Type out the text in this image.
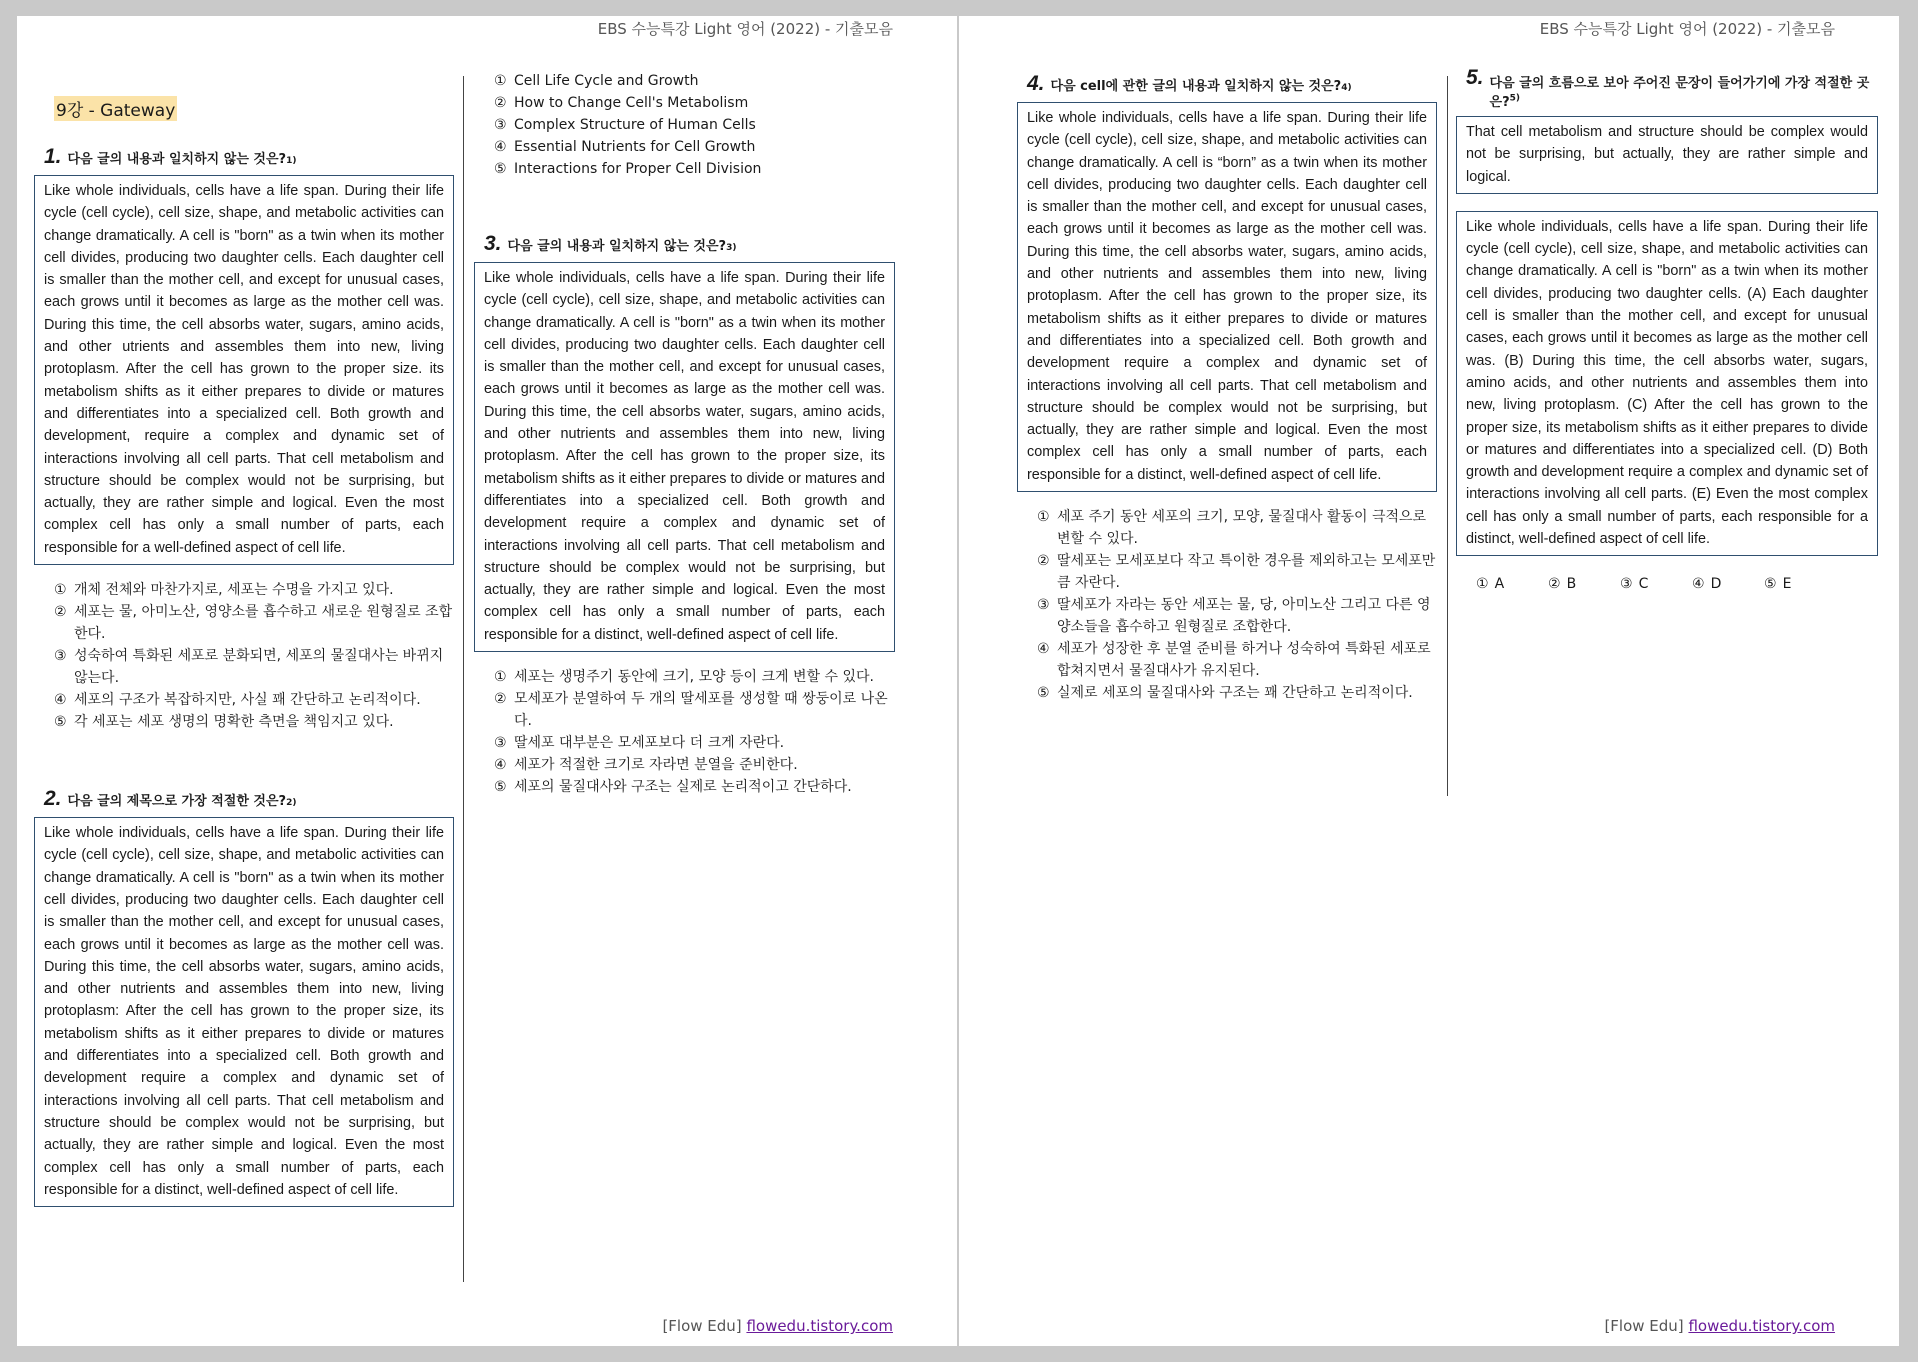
EBS 수능특강 Light 영어 (2022) - 기출모음
9강 - Gateway
1. 다음 글의 내용과 일치하지 않는 것은$?_{1)}$
Like whole individuals, cells have a life span. During their life cycle (cell cycle), cell size, shape, and metabolic activities can change dramatically. A cell is "born" as a twin when its mother cell divides, producing two daughter cells. Each daughter cell is smaller than the mother cell, and except for unusual cases, each grows until it becomes as large as the mother cell was. During this time, the cell absorbs water, sugars, amino acids, and other utrients and assembles them into new, living protoplasm. After the cell has grown to the proper size. its metabolism shifts as it either prepares to divide or matures and differentiates into a specialized cell. Both growth and development, require a complex and dynamic set of interactions involving all cell parts. That cell metabolism and structure should be complex would not be surprising, but actually, they are rather simple and logical. Even the most complex cell has only a small number of parts, each responsible for a well-defined aspect of cell life.
① 개체 전체와 마찬가지로, 세포는 수명을 가지고 있다.
② 세포는 물, 아미노산, 영양소를 흡수하고 새로운 원형질로 조합한다.
③ 성숙하여 특화된 세포로 분화되면, 세포의 물질대사는 바뀌지 않는다.
④ 세포의 구조가 복잡하지만, 사실 꽤 간단하고 논리적이다.
⑤ 각 세포는 세포 생명의 명확한 측면을 책임지고 있다.
2. 다음 글의 제목으로 가장 적절한 것은$?_{2)}$
Like whole individuals, cells have a life span. During their life cycle (cell cycle), cell size, shape, and metabolic activities can change dramatically. A cell is "born" as a twin when its mother cell divides, producing two daughter cells. Each daughter cell is smaller than the mother cell, and except for unusual cases, each grows until it becomes as large as the mother cell was. During this time, the cell absorbs water, sugars, amino acids, and other nutrients and assembles them into new, living protoplasm: After the cell has grown to the proper size, its metabolism shifts as it either prepares to divide or matures and differentiates into a specialized cell. Both growth and development require a complex and dynamic set of interactions involving all cell parts. That cell metabolism and structure should be complex would not be surprising, but actually, they are rather simple and logical. Even the most complex cell has only a small number of parts, each responsible for a distinct, well-defined aspect of cell life.
① Cell Life Cycle and Growth
② How to Change Cell's Metabolism
③ Complex Structure of Human Cells
④ Essential Nutrients for Cell Growth
⑤ Interactions for Proper Cell Division
3. 다음 글의 내용과 일치하지 않는 것은$?_{3)}$
Like whole individuals, cells have a life span. During their life cycle (cell cycle), cell size, shape, and metabolic activities can change dramatically. A cell is "born" as a twin when its mother cell divides, producing two daughter cells. Each daughter cell is smaller than the mother cell, and except for unusual cases, each grows until it becomes as large as the mother cell was. During this time, the cell absorbs water, sugars, amino acids, and other nutrients and assembles them into new, living protoplasm. After the cell has grown to the proper size, its metabolism shifts as it either prepares to divide or matures and differentiates into a specialized cell. Both growth and development require a complex and dynamic set of interactions involving all cell parts. That cell metabolism and structure should be complex would not be surprising, but actually, they are rather simple and logical. Even the most complex cell has only a small number of parts, each responsible for a distinct, well-defined aspect of cell life.
① 세포는 생명주기 동안에 크기, 모양 등이 크게 변할 수 있다.
② 모세포가 분열하여 두 개의 딸세포를 생성할 때 쌍둥이로 나온다.
③ 딸세포 대부분은 모세포보다 더 크게 자란다.
④ 세포가 적절한 크기로 자라면 분열을 준비한다.
⑤ 세포의 물질대사와 구조는 실제로 논리적이고 간단하다.
[Flow Edu] flowedu.tistory.com
EBS 수능특강 Light 영어 (2022) - 기출모음
4. 다음 cell에 관한 글의 내용과 일치하지 않는 것은$?_{4)}$
Like whole individuals, cells have a life span. During their life cycle (cell cycle), cell size, shape, and metabolic activities can change dramatically. A cell is “born” as a twin when its mother cell divides, producing two daughter cells. Each daughter cell is smaller than the mother cell, and except for unusual cases, each grows until it becomes as large as the mother cell was. During this time, the cell absorbs water, sugars, amino acids, and other nutrients and assembles them into new, living protoplasm. After the cell has grown to the proper size, its metabolism shifts as it either prepares to divide or matures and differentiates into a specialized cell. Both growth and development require a complex and dynamic set of interactions involving all cell parts. That cell metabolism and structure should be complex would not be surprising, but actually, they are rather simple and logical. Even the most complex cell has only a small number of parts, each responsible for a distinct, well-defined aspect of cell life.
① 세포 주기 동안 세포의 크기, 모양, 물질대사 활동이 극적으로 변할 수 있다.
② 딸세포는 모세포보다 작고 특이한 경우를 제외하고는 모세포만큼 자란다.
③ 딸세포가 자라는 동안 세포는 물, 당, 아미노산 그리고 다른 영양소들을 흡수하고 원형질로 조합한다.
④ 세포가 성장한 후 분열 준비를 하거나 성숙하여 특화된 세포로 합쳐지면서 물질대사가 유지된다.
⑤ 실제로 세포의 물질대사와 구조는 꽤 간단하고 논리적이다.
5. 다음 글의 흐름으로 보아 주어진 문장이 들어가기에 가장 적절한 곳은?$^{5)}$
That cell metabolism and structure should be complex would not be surprising, but actually, they are rather simple and logical.
Like whole individuals, cells have a life span. During their life cycle (cell cycle), cell size, shape, and metabolic activities can change dramatically. A cell is "born" as a twin when its mother cell divides, producing two daughter cells. (A) Each daughter cell is smaller than the mother cell, and except for unusual cases, each grows until it becomes as large as the mother cell was. (B) During this time, the cell absorbs water, sugars, amino acids, and other nutrients and assembles them into new, living protoplasm. (C) After the cell has grown to the proper size, its metabolism shifts as it either prepares to divide or matures and differentiates into a specialized cell. (D) Both growth and development require a complex and dynamic set of interactions involving all cell parts. (E) Even the most complex cell has only a small number of parts, each responsible for a distinct, well-defined aspect of cell life.
① A	② B	③ C	④ D	⑤ E
[Flow Edu] flowedu.tistory.com
